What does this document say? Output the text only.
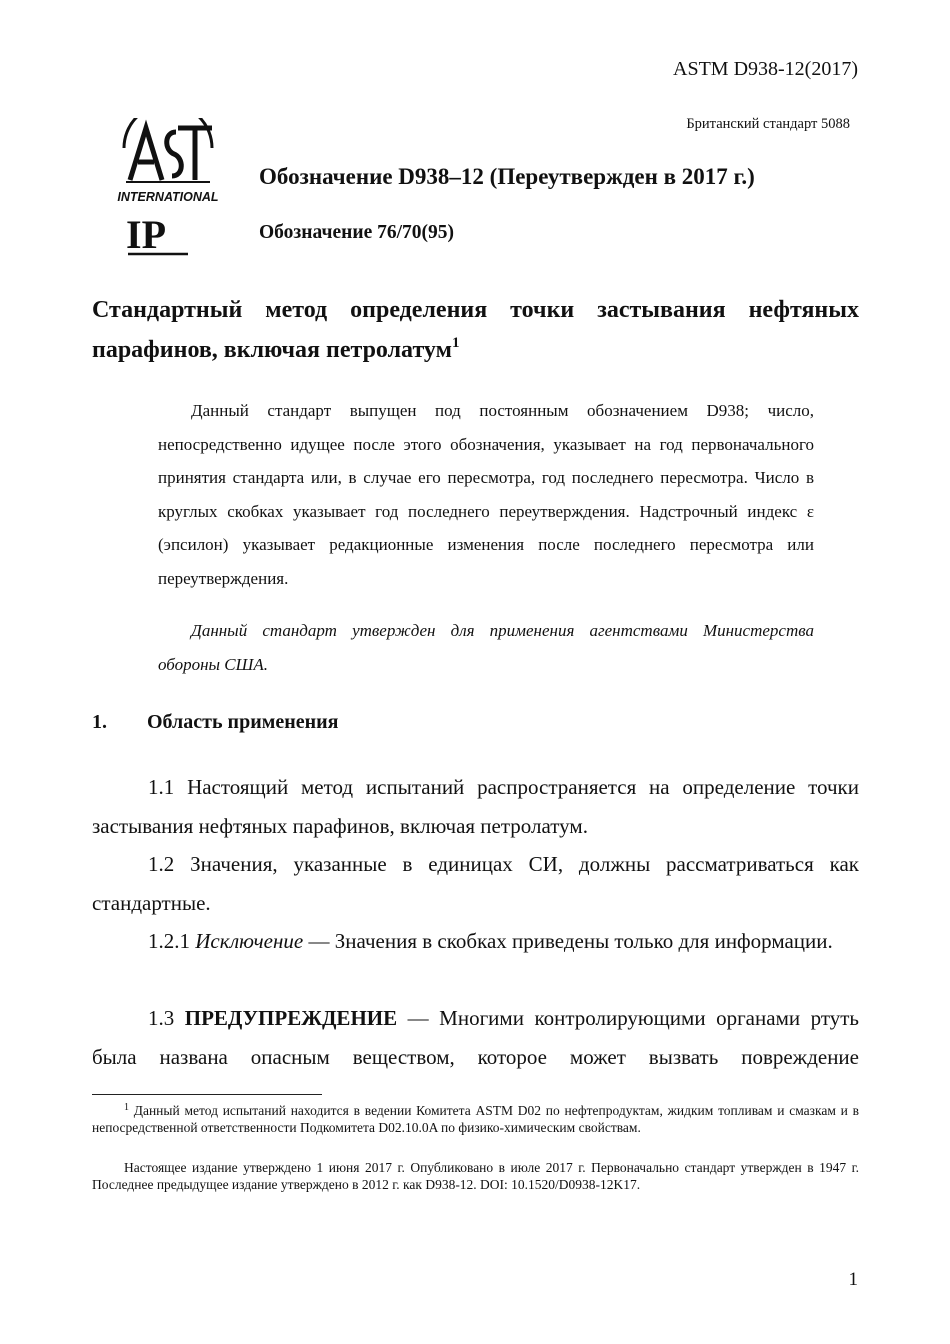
ASTM D938-12(2017)
Британский стандарт 5088
INTERNATIONAL
IP
Обозначение D938–12 (Переутвержден в 2017 г.)
Обозначение 76/70(95)
Стандартный метод определения точки застывания нефтяных парафинов, включая петролатум$^1$
Данный стандарт выпущен под постоянным обозначением D938; число, непосредственно идущее после этого обозначения, указывает на год первоначального принятия стандарта или, в случае его пересмотра, год последнего пересмотра. Число в круглых скобках указывает год последнего переутверждения. Надстрочный индекс ε (эпсилон) указывает редакционные изменения после последнего пересмотра или переутверждения.
Данный стандарт утвержден для применения агентствами Министерства обороны США.
1. Область применения
1.1 Настоящий метод испытаний распространяется на определение точки застывания нефтяных парафинов, включая петролатум.
1.2 Значения, указанные в единицах СИ, должны рассматриваться как стандартные.
1.2.1 Исключение — Значения в скобках приведены только для информации.
1.3 ПРЕДУПРЕЖДЕНИЕ — Многими контролирующими органами ртуть была названа опасным веществом, которое может вызвать повреждение
$^1$ Данный метод испытаний находится в ведении Комитета ASTM D02 по нефтепродуктам, жидким топливам и смазкам и в непосредственной ответственности Подкомитета D02.10.0A по физико-химическим свойствам.
Настоящее издание утверждено 1 июня 2017 г. Опубликовано в июле 2017 г. Первоначально стандарт утвержден в 1947 г. Последнее предыдущее издание утверждено в 2012 г. как D938-12. DOI: 10.1520/D0938-12K17.
1
